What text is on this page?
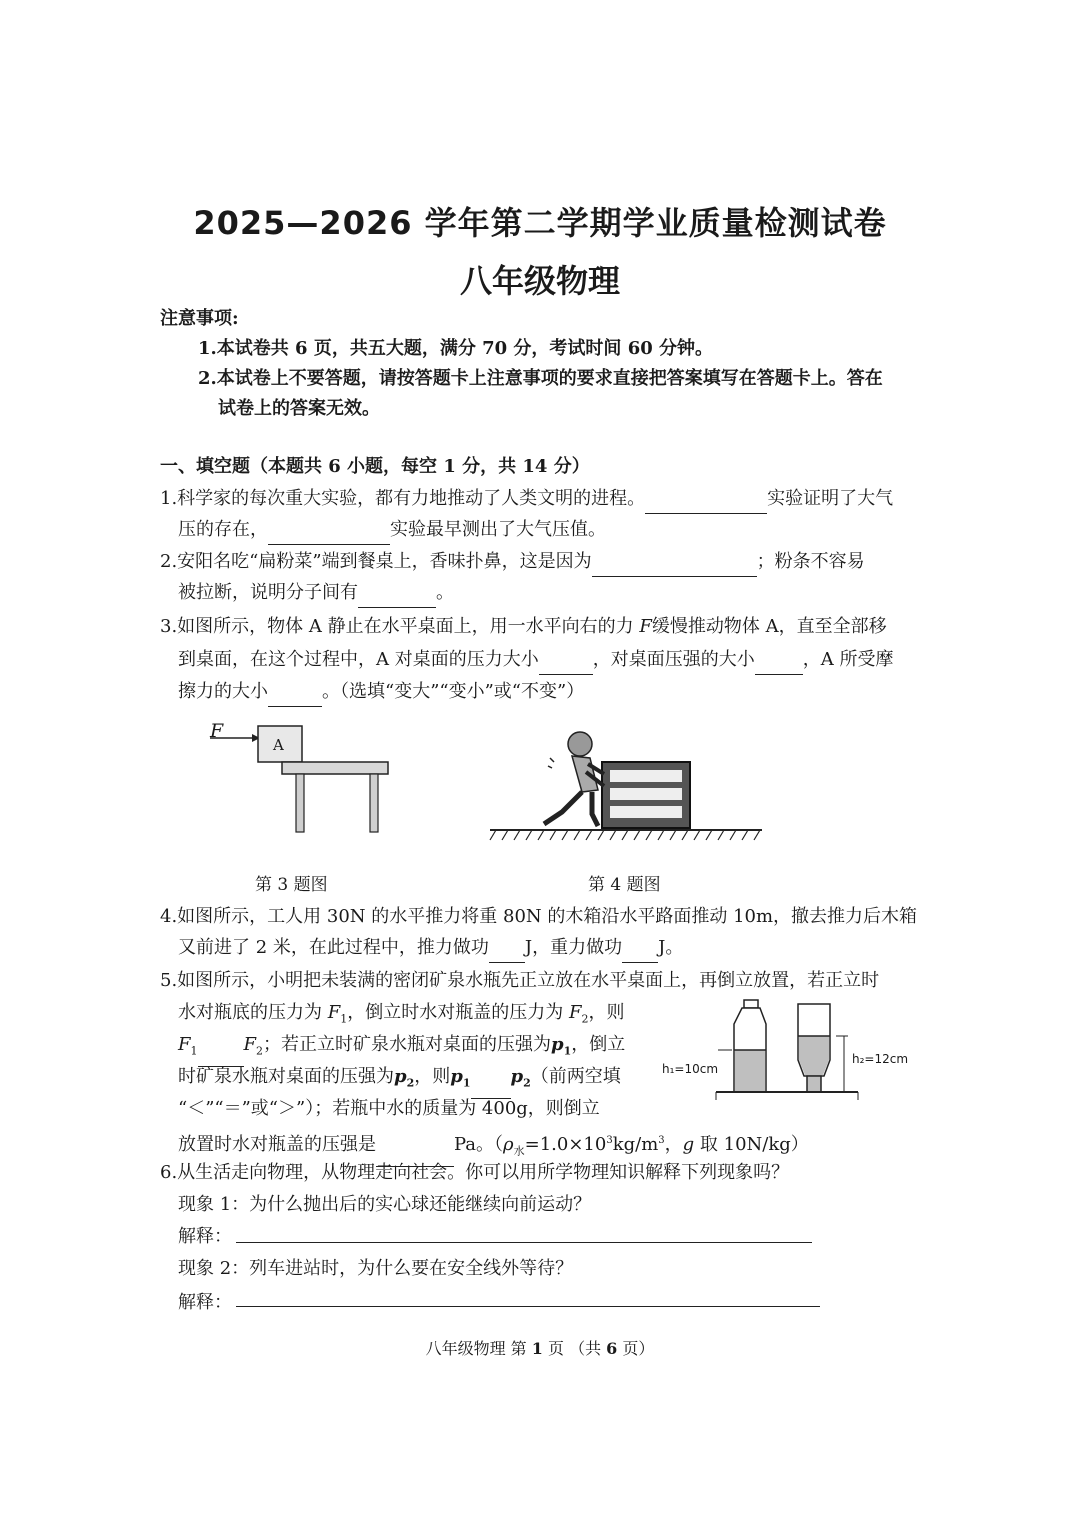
2025—2026 学年第二学期学业质量检测试卷
八年级物理
注意事项:
1.本试卷共 6 页，共五大题，满分 70 分，考试时间 60 分钟。
2.本试卷上不要答题，请按答题卡上注意事项的要求直接把答案填写在答题卡上。答在
试卷上的答案无效。
一、填空题（本题共 6 小题，每空 1 分，共 14 分）
1.科学家的每次重大实验，都有力地推动了人类文明的进程。	实验证明了大气
压的存在，	实验最早测出了大气压值。
2.安阳名吃“扁粉菜”端到餐桌上，香味扑鼻，这是因为	；粉条不容易
被拉断，说明分子间有	。
3.如图所示，物体 A 静止在水平桌面上，用一水平向右的力 F缓慢推动物体 A，直至全部移
到桌面，在这个过程中，A 对桌面的压力大小	，对桌面压强的大小	，A 所受摩
擦力的大小	。（选填“变大”“变小”或“不变”）
F
A
第 3 题图	第 4 题图
4.如图所示，工人用 30N 的水平推力将重 80N 的木箱沿水平路面推动 10m，撤去推力后木箱
又前进了 2 米，在此过程中，推力做功 J，重力做功 J。
5.如图所示，小明把未装满的密闭矿泉水瓶先正立放在水平桌面上，再倒立放置，若正立时
水对瓶底的压力为 $F_1$，倒立时水对瓶盖的压力为 $F_2$，则
$F_1$	$F_2$；若正立时矿泉水瓶对桌面的压强为$p_1$，倒立
时矿泉水瓶对桌面的压强为$p_2$，则$p_1$ $p_2$（前两空填
“＜”“＝”或“＞”）；若瓶中水的质量为 400g，则倒立
放置时水对瓶盖的压强是	Pa。（$\rho_水=1.0\times 10^3kg/m^3$，g 取 10N/kg）
h₁=10cm
h₂=12cm
6.从生活走向物理，从物理走向社会。你可以用所学物理知识解释下列现象吗？
现象 1：为什么抛出后的实心球还能继续向前运动？
解释：
现象 2：列车进站时，为什么要在安全线外等待？
解释：
八年级物理 第 1 页 （共 6 页）
